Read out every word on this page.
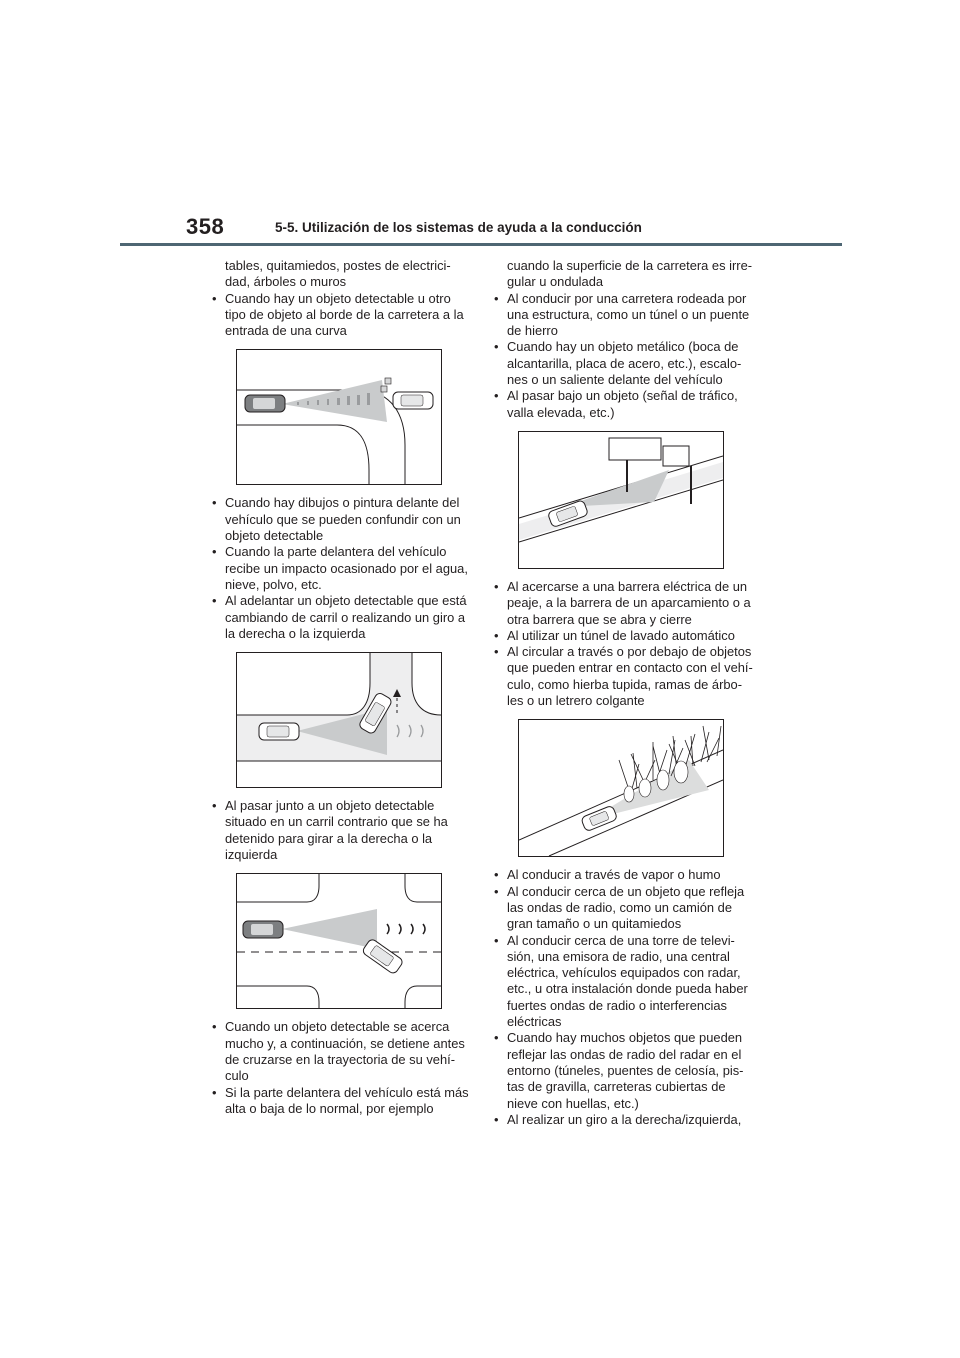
358	5-5. Utilización de los sistemas de ayuda a la conducción
tables, quitamiedos, postes de electrici-
dad, árboles o muros
• Cuando hay un objeto detectable u otro
tipo de objeto al borde de la carretera a la
entrada de una curva
• Cuando hay dibujos o pintura delante del
vehículo que se pueden confundir con un
objeto detectable
• Cuando la parte delantera del vehículo
recibe un impacto ocasionado por el agua,
nieve, polvo, etc.
• Al adelantar un objeto detectable que está
cambiando de carril o realizando un giro a
la derecha o la izquierda
• Al pasar junto a un objeto detectable
situado en un carril contrario que se ha
detenido para girar a la derecha o la
izquierda
• Cuando un objeto detectable se acerca
mucho y, a continuación, se detiene antes
de cruzarse en la trayectoria de su vehí-
culo
• Si la parte delantera del vehículo está más
alta o baja de lo normal, por ejemplo
cuando la superficie de la carretera es irre-
gular u ondulada
• Al conducir por una carretera rodeada por
una estructura, como un túnel o un puente
de hierro
• Cuando hay un objeto metálico (boca de
alcantarilla, placa de acero, etc.), escalo-
nes o un saliente delante del vehículo
• Al pasar bajo un objeto (señal de tráfico,
valla elevada, etc.)
• Al acercarse a una barrera eléctrica de un
peaje, a la barrera de un aparcamiento o a
otra barrera que se abra y cierre
• Al utilizar un túnel de lavado automático
• Al circular a través o por debajo de objetos
que pueden entrar en contacto con el vehí-
culo, como hierba tupida, ramas de árbo-
les o un letrero colgante
• Al conducir a través de vapor o humo
• Al conducir cerca de un objeto que refleja
las ondas de radio, como un camión de
gran tamaño o un quitamiedos
• Al conducir cerca de una torre de televi-
sión, una emisora de radio, una central
eléctrica, vehículos equipados con radar,
etc., u otra instalación donde pueda haber
fuertes ondas de radio o interferencias
eléctricas
• Cuando hay muchos objetos que pueden
reflejar las ondas de radio del radar en el
entorno (túneles, puentes de celosía, pis-
tas de gravilla, carreteras cubiertas de
nieve con huellas, etc.)
• Al realizar un giro a la derecha/izquierda,
